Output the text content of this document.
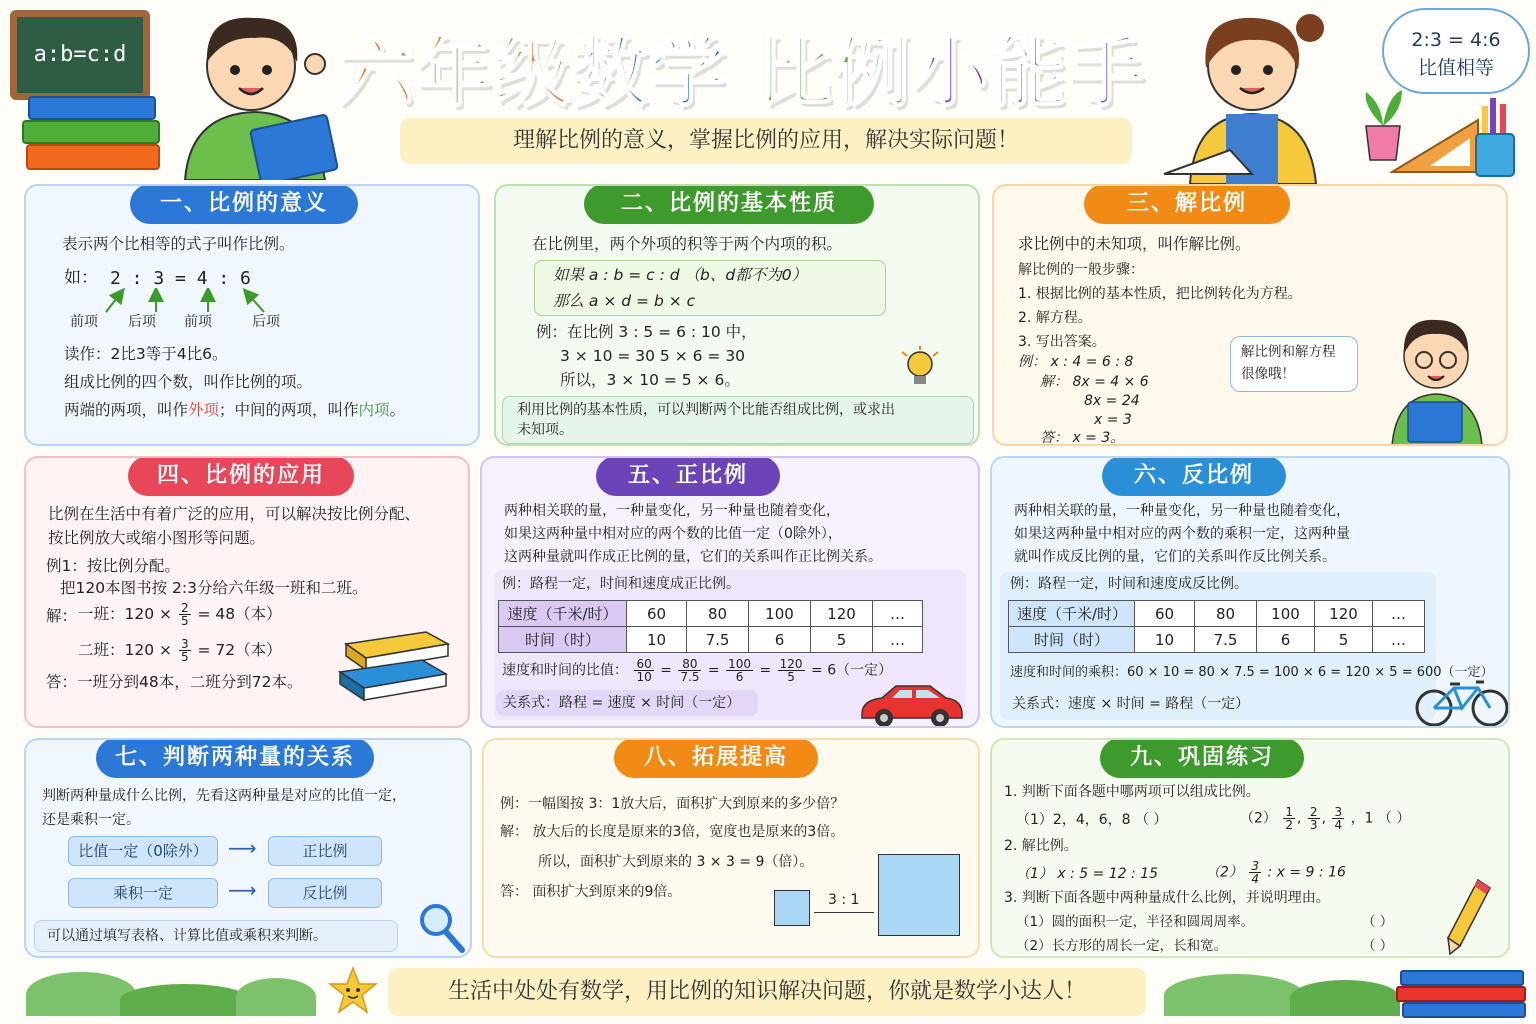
a:b=c:d	六年级数学 比例小能手
理解比例的意义，掌握比例的应用，解决实际问题！
2:3 = 4:6
比值相等
一、比例的意义
表示两个比相等的式子叫作比例。
如： 2 : 3 = 4 : 6
前项 后项 前项	后项
读作：2比3等于4比6。
组成比例的四个数，叫作比例的项。
两端的两项，叫作外项；中间的两项，叫作内项。
二、比例的基本性质
在比例里，两个外项的积等于两个内项的积。
如果 a : b = c : d （b、d都不为0）
那么 a × d = b × c
例：在比例 3 : 5 = 6 : 10 中，
3 × 10 = 30 5 × 6 = 30
所以，3 × 10 = 5 × 6。
利用比例的基本性质，可以判断两个比能否组成比例，或求出
未知项。
三、解比例
求比例中的未知项，叫作解比例。
解比例的一般步骤：
1. 根据比例的基本性质，把比例转化为方程。
2. 解方程。
3. 写出答案。
例： x : 4 = 6 : 8
解： 8x = 4 × 6
8x = 24
x = 3
答： x = 3。
解比例和解方程
很像哦！
四、比例的应用
比例在生活中有着广泛的应用，可以解决按比例分配、
按比例放大或缩小图形等问题。
例1：按比例分配。
把120本图书按 2:3分给六年级一班和二班。
解： 一班：$120 \times \frac{2}{5} = 48$（本）
二班：$120 \times \frac{3}{5} = 72$（本）
答：一班分到48本，二班分到72本。
五、正比例
两种相关联的量，一种量变化，另一种量也随着变化，
如果这两种量中相对应的两个数的比值一定（0除外），
这两种量就叫作成正比例的量，它们的关系叫作正比例关系。
例：路程一定，时间和速度成正比例。
速度（千米/时）	60	80	100	120	…
时间（时）	10	7.5	6	5	…
速度和时间的比值： $\frac{60}{10} = \frac{80}{7.5} = \frac{100}{6} = \frac{120}{5} = 6$（一定）
关系式：路程 = 速度 × 时间（一定）
六、反比例
两种相关联的量，一种量变化，另一种量也随着变化，
如果这两种量中相对应的两个数的乘积一定，这两种量
就叫作成反比例的量，它们的关系叫作反比例关系。
例：路程一定，时间和速度成反比例。
速度（千米/时）	60	80	100	120	…
时间（时）	10	7.5	6	5	…
速度和时间的乘积：60 × 10 = 80 × 7.5 = 100 × 6 = 120 × 5 = 600（一定）
关系式：速度 × 时间 = 路程（一定）
七、判断两种量的关系
判断两种量成什么比例，先看这两种量是对应的比值一定，
还是乘积一定。
比值一定（0除外）	⟶	正比例
乘积一定	⟶	反比例
可以通过填写表格、计算比值或乘积来判断。
八、拓展提高
例：一幅图按 3：1放大后，面积扩大到原来的多少倍？
解： 放大后的长度是原来的3倍，宽度也是原来的3倍。
所以，面积扩大到原来的 3 × 3 = 9（倍）。
答： 面积扩大到原来的9倍。	3 : 1
九、巩固练习
1. 判断下面各题中哪两项可以组成比例。
（1）2，4，6，8 （ ）	$(2) \frac{1}{2}$ , $\frac{2}{3}$ , $\frac{3}{4}$ ，1 （ ）
2. 解比例。
（1） x : 5 = 12 : 15	$(2) \frac{3}{4}$ : x = 9 : 16
3. 判断下面各题中两种量成什么比例，并说明理由。
（1）圆的面积一定，半径和圆周周率。	（ ）
（2）长方形的周长一定，长和宽。	（ ）
生活中处处有数学，用比例的知识解决问题，你就是数学小达人！
